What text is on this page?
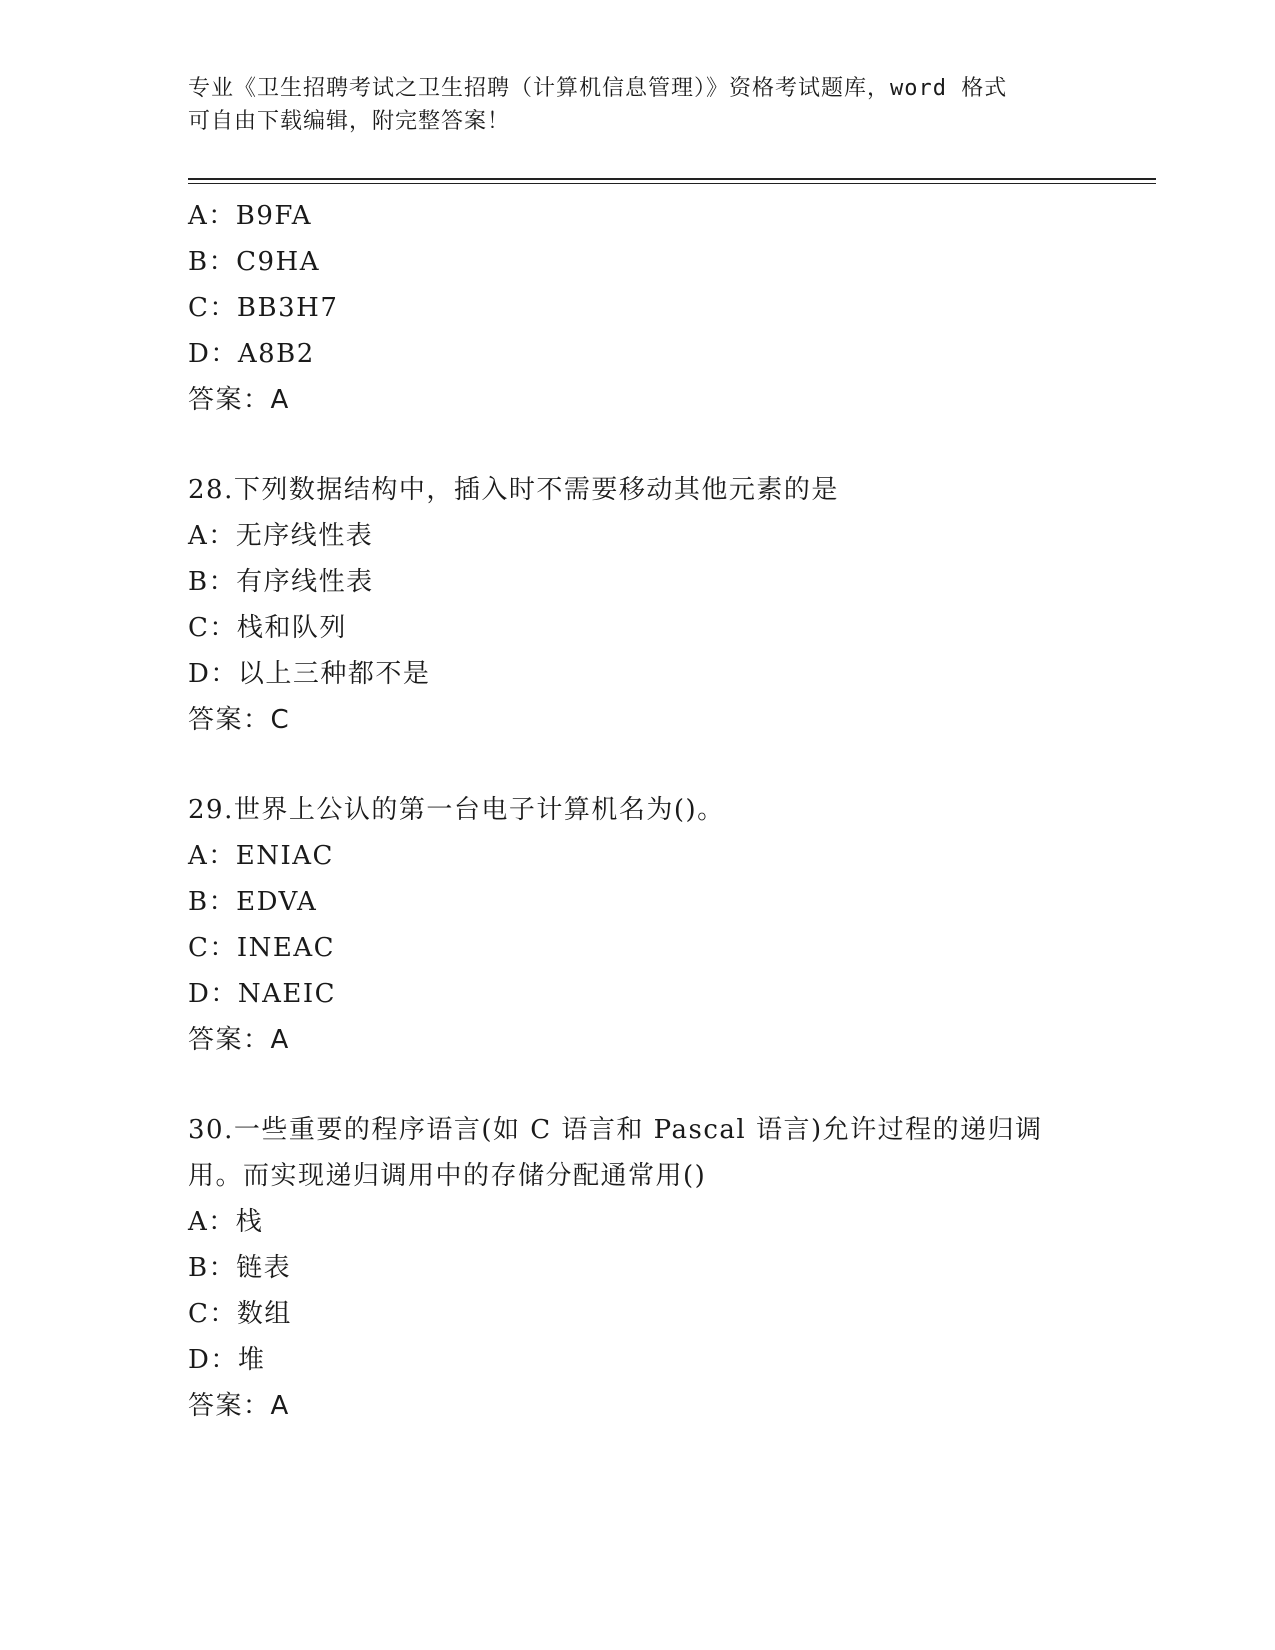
专业《卫生招聘考试之卫生招聘（计算机信息管理）》资格考试题库，word 格式
可自由下载编辑，附完整答案！
A：B9FA
B：C9HA
C：BB3H7
D：A8B2
答案：A
28.下列数据结构中，插入时不需要移动其他元素的是
A：无序线性表
B：有序线性表
C：栈和队列
D：以上三种都不是
答案：C
29.世界上公认的第一台电子计算机名为()。
A：ENIAC
B：EDVA
C：INEAC
D：NAEIC
答案：A
30.一些重要的程序语言(如 C 语言和 Pascal 语言)允许过程的递归调
用。而实现递归调用中的存储分配通常用()
A：栈
B：链表
C：数组
D：堆
答案：A
